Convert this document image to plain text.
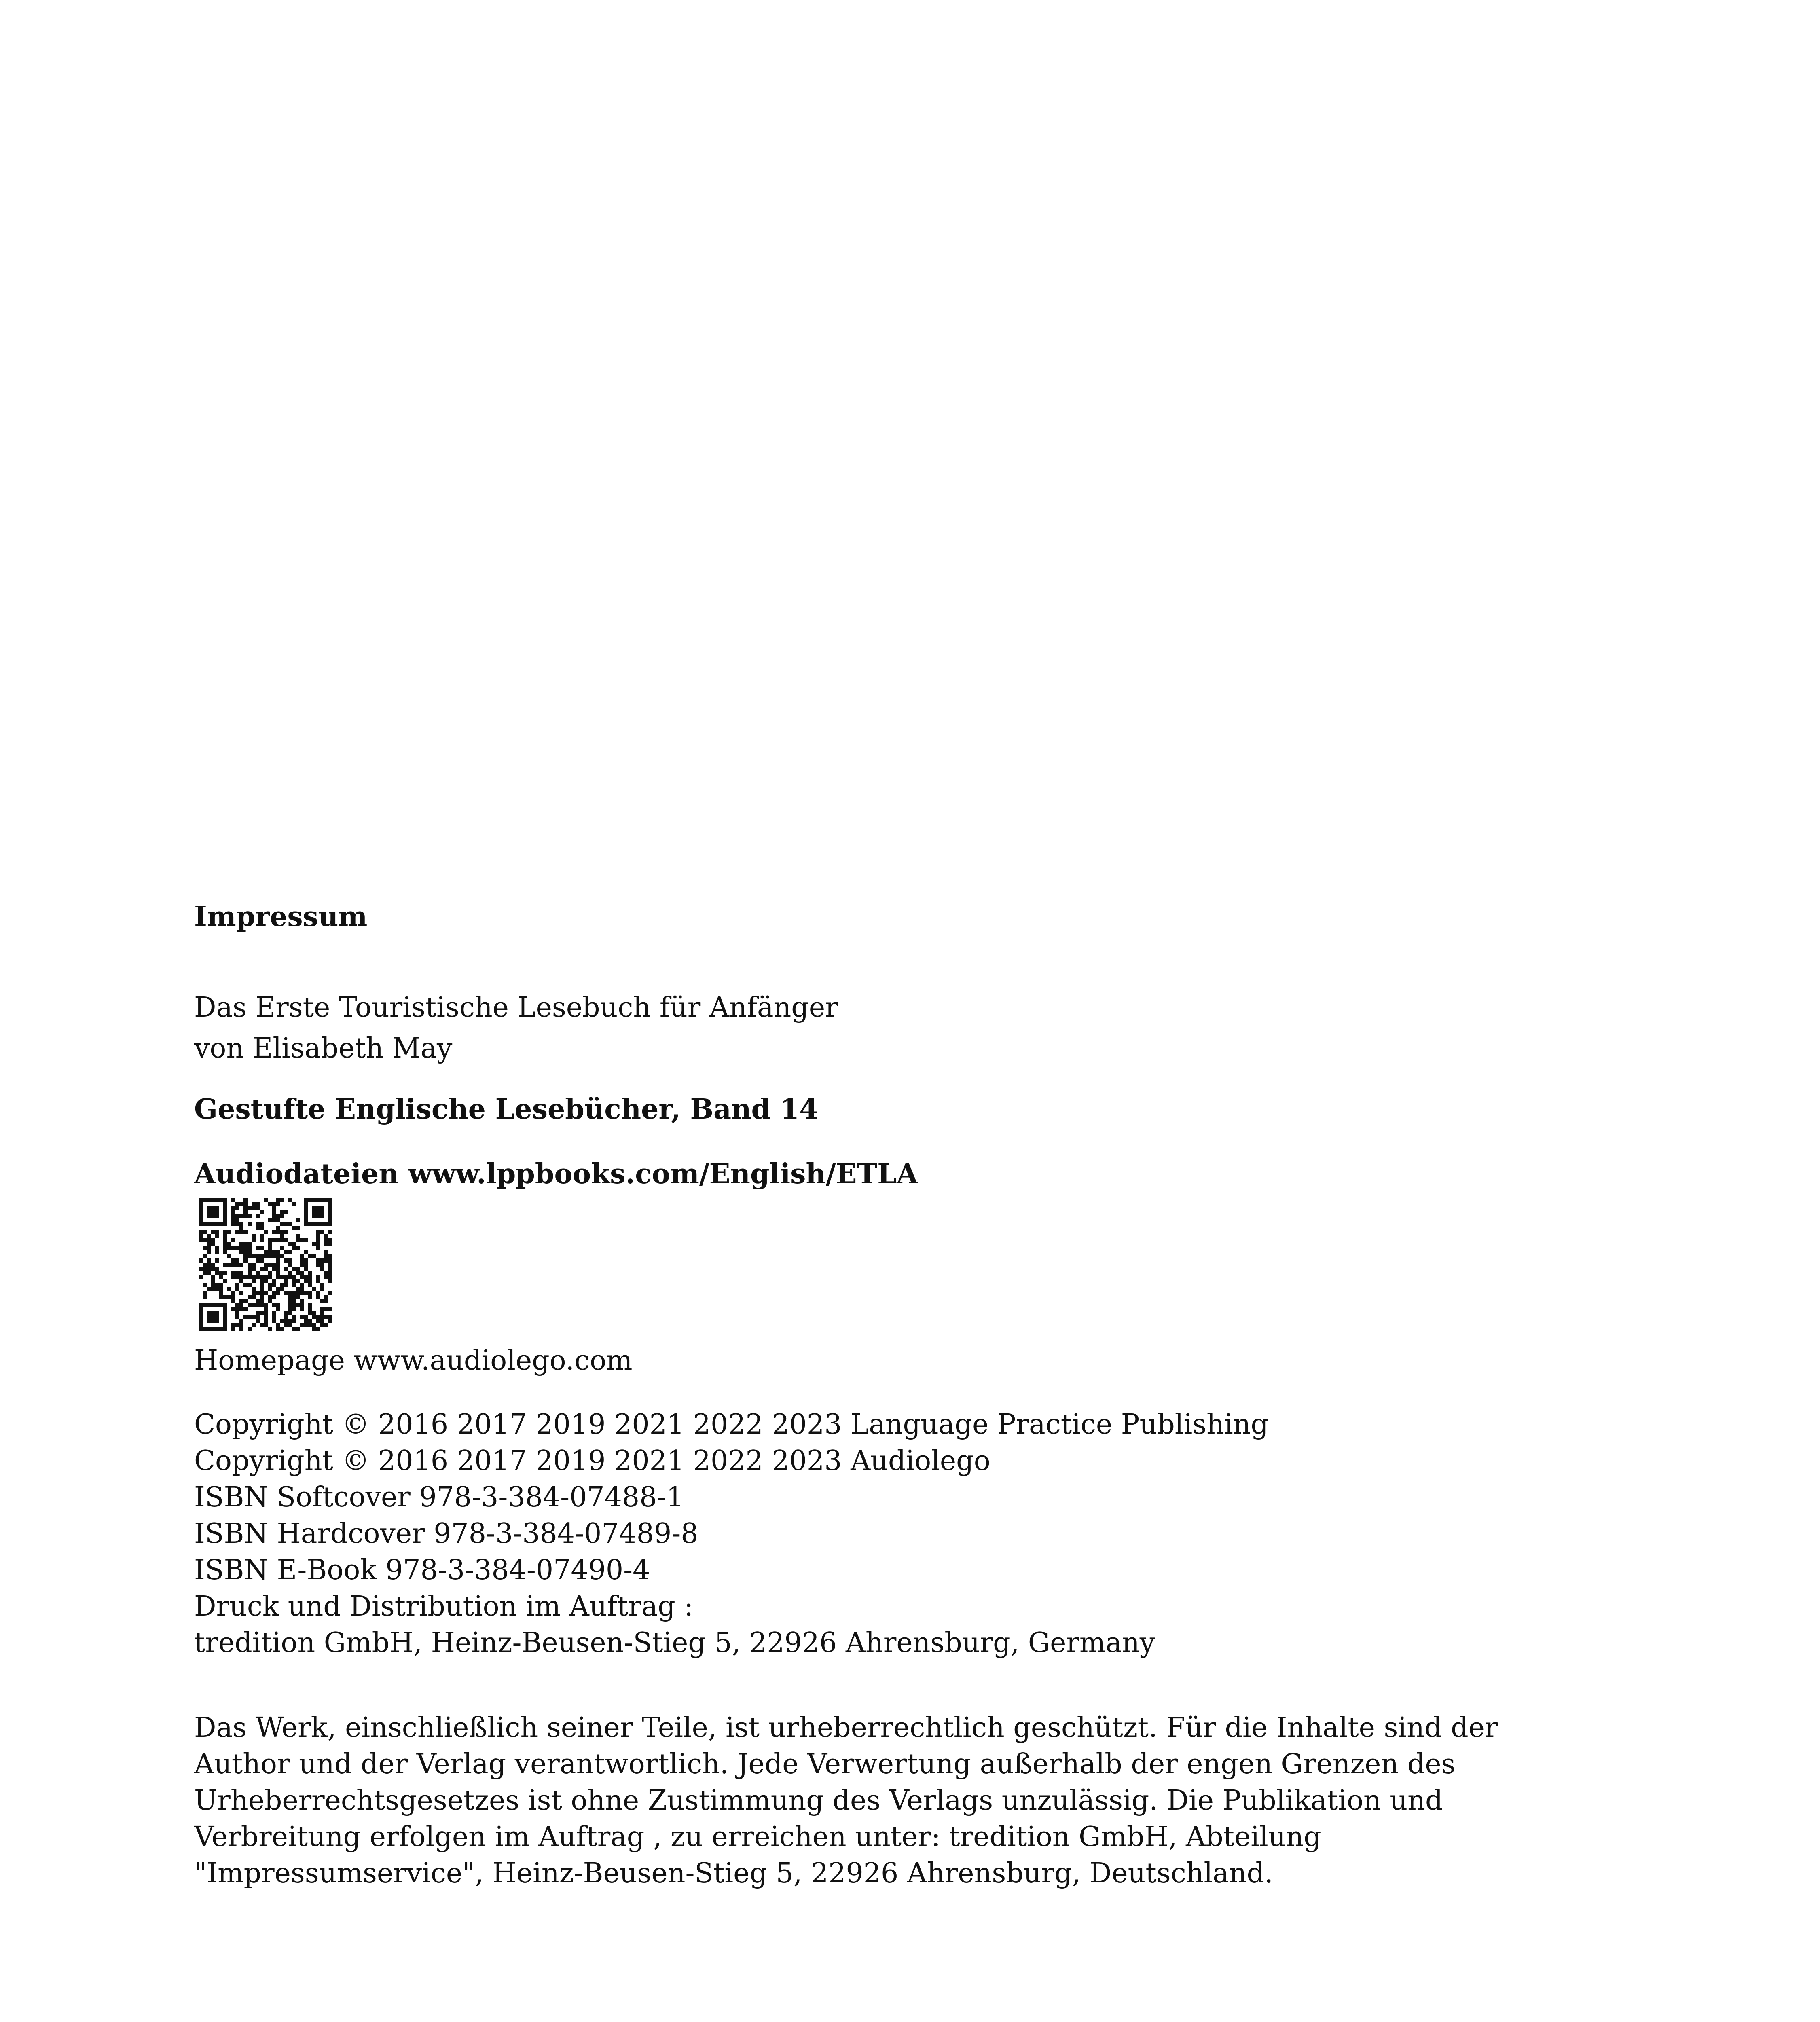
Impressum
Das Erste Touristische Lesebuch für Anfänger
von Elisabeth May
Gestufte Englische Lesebücher, Band 14
Audiodateien www.lppbooks.com/English/ETLA
Homepage www.audiolego.com
Copyright © 2016 2017 2019 2021 2022 2023 Language Practice Publishing
Copyright © 2016 2017 2019 2021 2022 2023 Audiolego
ISBN Softcover 978-3-384-07488-1
ISBN Hardcover 978-3-384-07489-8
ISBN E-Book 978-3-384-07490-4
Druck und Distribution im Auftrag :
tredition GmbH, Heinz-Beusen-Stieg 5, 22926 Ahrensburg, Germany
Das Werk, einschließlich seiner Teile, ist urheberrechtlich geschützt. Für die Inhalte sind der
Author und der Verlag verantwortlich. Jede Verwertung außerhalb der engen Grenzen des
Urheberrechtsgesetzes ist ohne Zustimmung des Verlags unzulässig. Die Publikation und
Verbreitung erfolgen im Auftrag , zu erreichen unter: tredition GmbH, Abteilung
"Impressumservice", Heinz-Beusen-Stieg 5, 22926 Ahrensburg, Deutschland.
